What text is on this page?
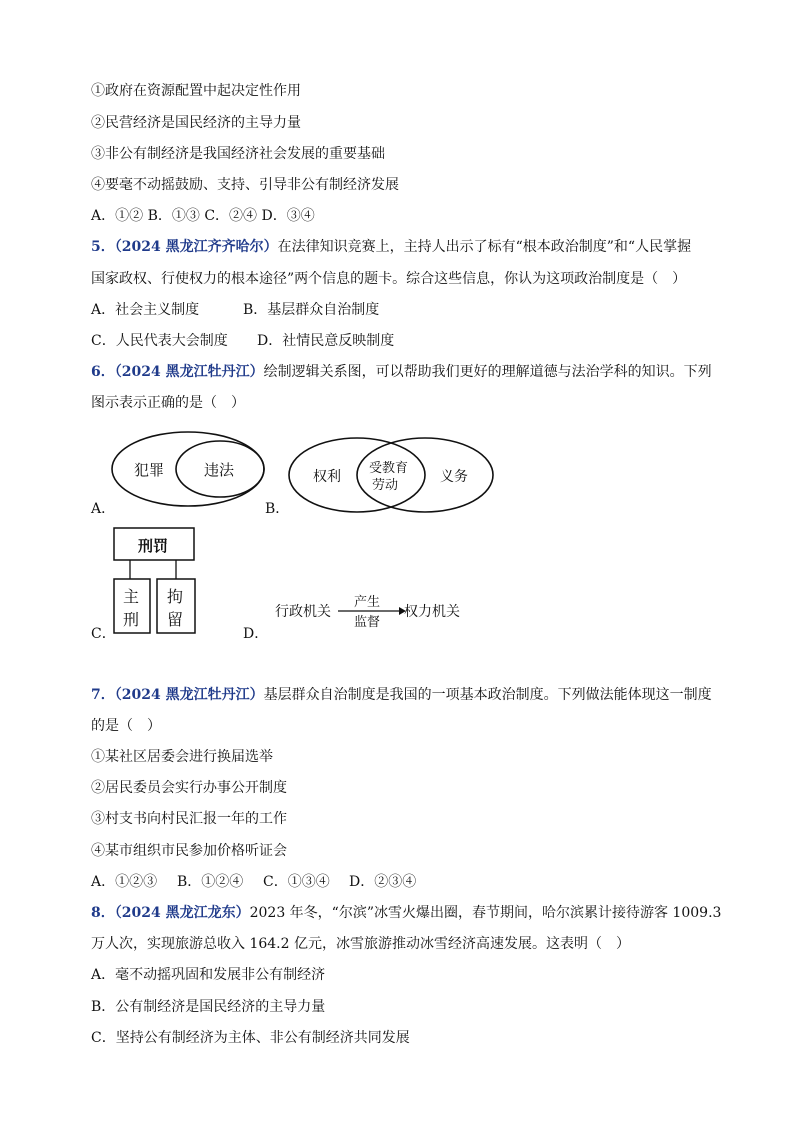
①政府在资源配置中起决定性作用
②民营经济是国民经济的主导力量
③非公有制经济是我国经济社会发展的重要基础
④要毫不动摇鼓励、支持、引导非公有制经济发展
A．①② B．①③ C．②④ D．③④
5．（2024 黑龙江齐齐哈尔）在法律知识竞赛上，主持人出示了标有“根本政治制度”和“人民掌握
国家政权、行使权力的根本途径”两个信息的题卡。综合这些信息，你认为这项政治制度是（　）
A．社会主义制度	B．基层群众自治制度
C．人民代表大会制度 D．社情民意反映制度
6．（2024 黑龙江牡丹江）绘制逻辑关系图，可以帮助我们更好的理解道德与法治学科的知识。下列
图示表示正确的是（　）
犯罪	违法
A．
权利
受教育
劳动
义务
B．
刑罚
主
刑
拘
留
C．
行政机关
产生
监督
权力机关
D．
7．（2024 黑龙江牡丹江）基层群众自治制度是我国的一项基本政治制度。下列做法能体现这一制度
的是（　）
①某社区居委会进行换届选举
②居民委员会实行办事公开制度
③村支书向村民汇报一年的工作
④某市组织市民参加价格听证会
A．①②③ B．①②④ C．①③④ D．②③④
8．（2024 黑龙江龙东）2023 年冬，“尔滨”冰雪火爆出圈，春节期间，哈尔滨累计接待游客 1009.3
万人次，实现旅游总收入 164.2 亿元，冰雪旅游推动冰雪经济高速发展。这表明（　）
A．毫不动摇巩固和发展非公有制经济
B．公有制经济是国民经济的主导力量
C．坚持公有制经济为主体、非公有制经济共同发展
